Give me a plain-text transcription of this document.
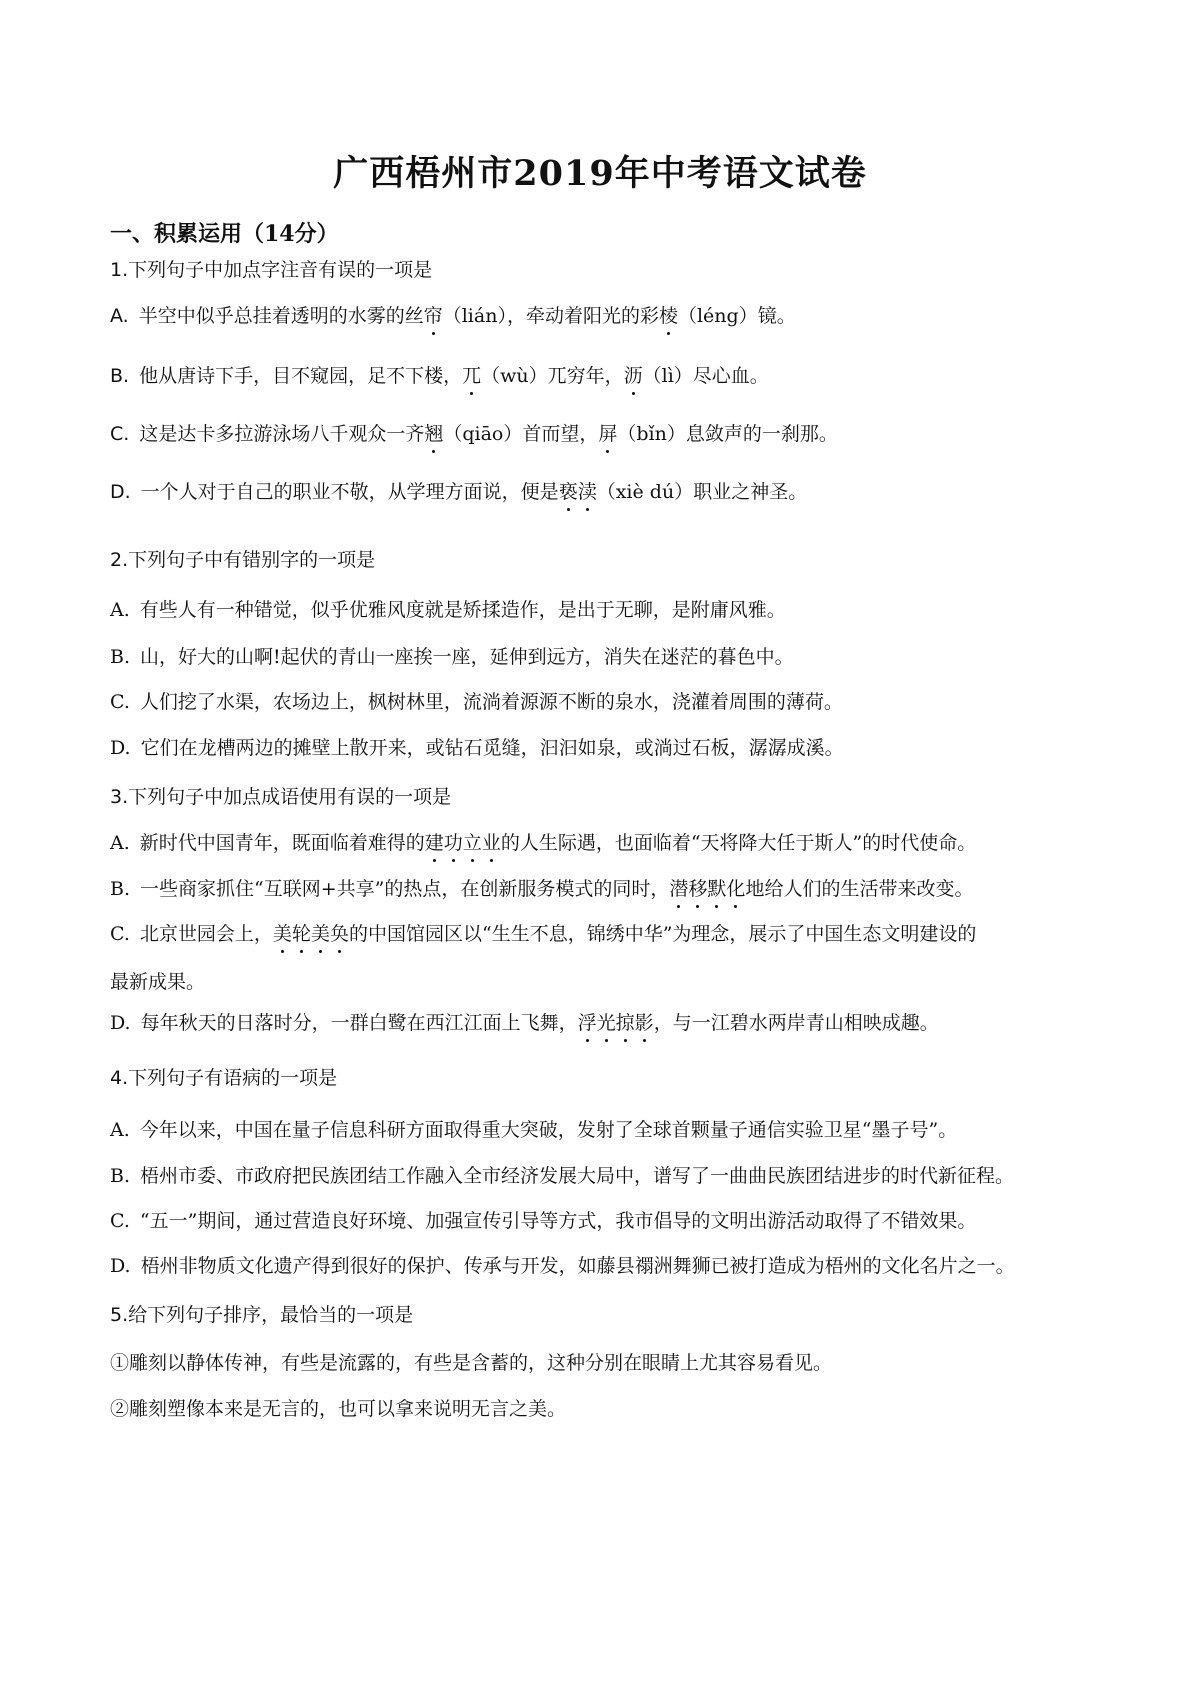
广西梧州市2019年中考语文试卷
一、积累运用（14分）
1.下列句子中加点字注音有误的一项是
A. 半空中似乎总挂着透明的水雾的丝帘（lián），牵动着阳光的彩棱（léng）镜。
B. 他从唐诗下手，目不窥园，足不下楼，兀（wù）兀穷年，沥（lì）尽心血。
C. 这是达卡多拉游泳场八千观众一齐翘（qiāo）首而望，屏（bǐn）息敛声的一刹那。
D. 一个人对于自己的职业不敬，从学理方面说，便是亵渎（xiè dú）职业之神圣。
2.下列句子中有错别字的一项是
A. 有些人有一种错觉，似乎优雅风度就是矫揉造作，是出于无聊，是附庸风雅。
B. 山，好大的山啊!起伏的青山一座挨一座，延伸到远方，消失在迷茫的暮色中。
C. 人们挖了水渠，农场边上，枫树林里，流淌着源源不断的泉水，浇灌着周围的薄荷。
D. 它们在龙槽两边的摊壁上散开来，或钻石觅缝，汩汩如泉，或淌过石板，潺潺成溪。
3.下列句子中加点成语使用有误的一项是
A. 新时代中国青年，既面临着难得的建功立业的人生际遇，也面临着“天将降大任于斯人”的时代使命。
B. 一些商家抓住“互联网+共享”的热点，在创新服务模式的同时，潜移默化地给人们的生活带来改变。
C. 北京世园会上，美轮美奂的中国馆园区以“生生不息，锦绣中华”为理念，展示了中国生态文明建设的
最新成果。
D. 每年秋天的日落时分，一群白鹭在西江江面上飞舞，浮光掠影，与一江碧水两岸青山相映成趣。
4.下列句子有语病的一项是
A. 今年以来，中国在量子信息科研方面取得重大突破，发射了全球首颗量子通信实验卫星“墨子号”。
B. 梧州市委、市政府把民族团结工作融入全市经济发展大局中，谱写了一曲曲民族团结进步的时代新征程。
C. “五一”期间，通过营造良好环境、加强宣传引导等方式，我市倡导的文明出游活动取得了不错效果。
D. 梧州非物质文化遗产得到很好的保护、传承与开发，如藤县禤洲舞狮已被打造成为梧州的文化名片之一。
5.给下列句子排序，最恰当的一项是
①雕刻以静体传神，有些是流露的，有些是含蓄的，这种分别在眼睛上尤其容易看见。
②雕刻塑像本来是无言的，也可以拿来说明无言之美。
